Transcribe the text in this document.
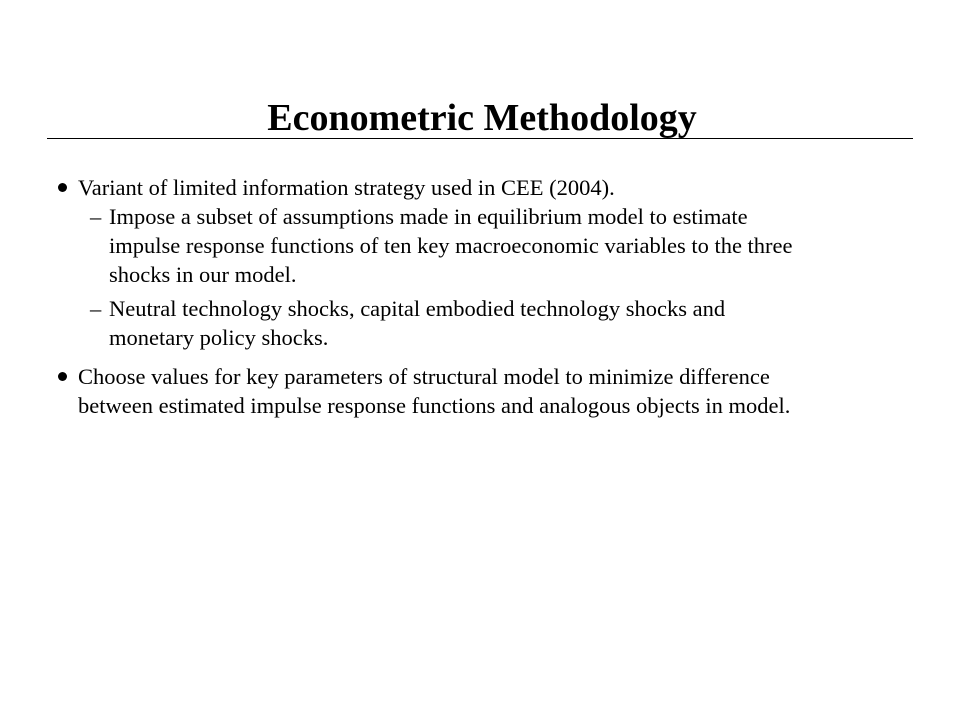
Econometric Methodology
Variant of limited information strategy used in CEE (2004).
– Impose a subset of assumptions made in equilibrium model to estimate
impulse response functions of ten key macroeconomic variables to the three
shocks in our model.
– Neutral technology shocks, capital embodied technology shocks and
monetary policy shocks.
Choose values for key parameters of structural model to minimize difference
between estimated impulse response functions and analogous objects in model.
